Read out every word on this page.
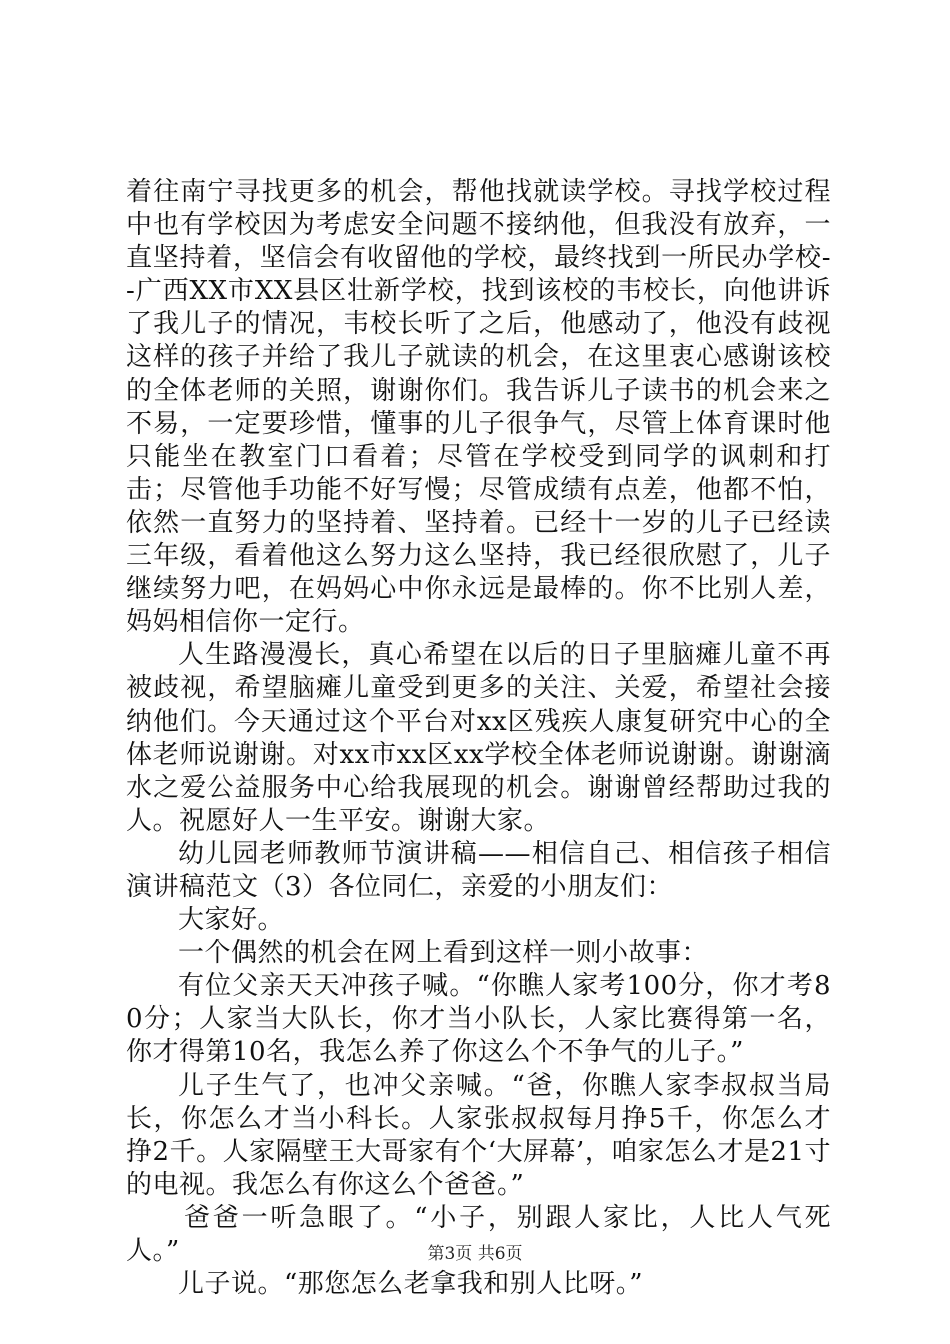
着往南宁寻找更多的机会，帮他找就读学校。寻找学校过程中也有学校因为考虑安全问题不接纳他，但我没有放弃，一直坚持着，坚信会有收留他的学校，最终找到一所民办学校--广西XX市XX县区壮新学校，找到该校的韦校长，向他讲诉了我儿子的情况，韦校长听了之后，他感动了，他没有歧视这样的孩子并给了我儿子就读的机会，在这里衷心感谢该校的全体老师的关照，谢谢你们。我告诉儿子读书的机会来之不易，一定要珍惜，懂事的儿子很争气，尽管上体育课时他只能坐在教室门口看着；尽管在学校受到同学的讽刺和打击；尽管他手功能不好写慢；尽管成绩有点差，他都不怕，依然一直努力的坚持着、坚持着。已经十一岁的儿子已经读三年级，看着他这么努力这么坚持，我已经很欣慰了，儿子继续努力吧，在妈妈心中你永远是最棒的。你不比别人差，妈妈相信你一定行。

人生路漫漫长，真心希望在以后的日子里脑瘫儿童不再被歧视，希望脑瘫儿童受到更多的关注、关爱，希望社会接纳他们。今天通过这个平台对xx区残疾人康复研究中心的全体老师说谢谢。对xx市xx区xx学校全体老师说谢谢。谢谢滴水之爱公益服务中心给我展现的机会。谢谢曾经帮助过我的人。祝愿好人一生平安。谢谢大家。

幼儿园老师教师节演讲稿——相信自己、相信孩子相信演讲稿范文（3）各位同仁，亲爱的小朋友们：

大家好。

一个偶然的机会在网上看到这样一则小故事：

有位父亲天天冲孩子喊。“你瞧人家考100分，你才考80分；人家当大队长，你才当小队长，人家比赛得第一名，你才得第10名，我怎么养了你这么个不争气的儿子。”

儿子生气了，也冲父亲喊。“爸，你瞧人家李叔叔当局长，你怎么才当小科长。人家张叔叔每月挣5千，你怎么才挣2千。人家隔壁王大哥家有个‘大屏幕’，咱家怎么才是21寸的电视。我怎么有你这么个爸爸。”

爸爸一听急眼了。“小子，别跟人家比，人比人气死人。”

儿子说。“那您怎么老拿我和别人比呀。”

第3页 共6页
